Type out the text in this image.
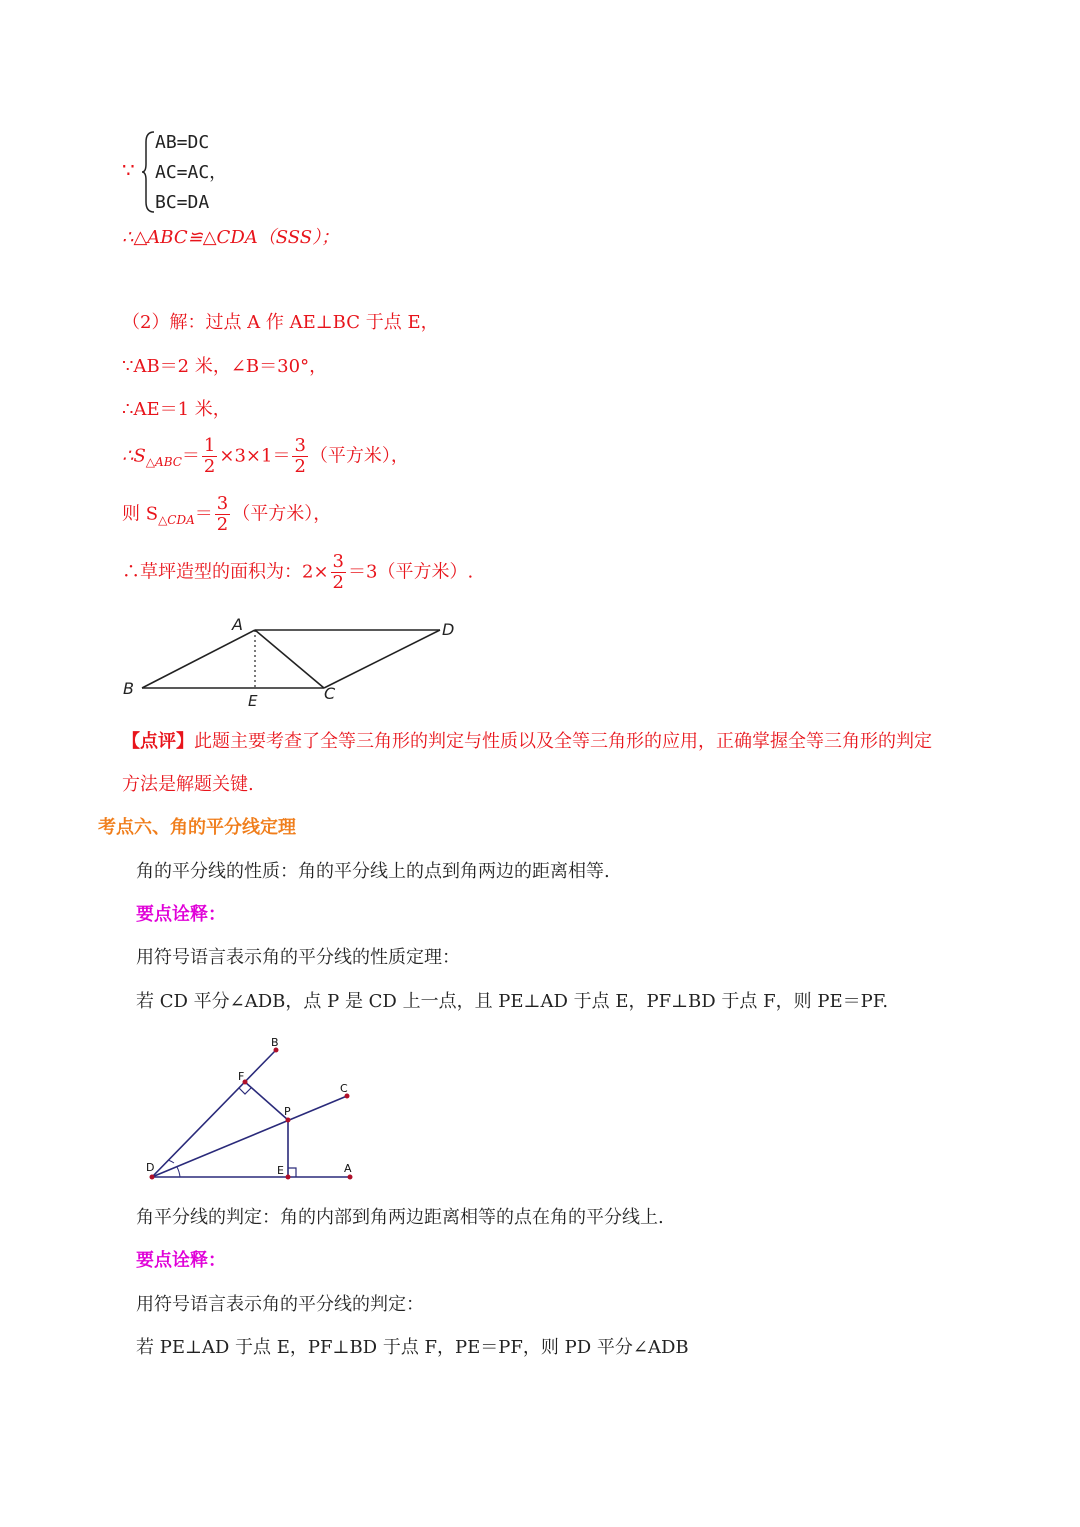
∵
AB=DC
AC=AC，
BC=DA
∴△ABC≌△CDA（SSS）；
（2）解：过点 A 作 AE⊥BC 于点 E，
∵AB＝2 米，∠B＝30°，
∴AE＝1 米，
$\therefore S_{\triangle ABC}= \frac{1}{2} \times 3\times 1= \frac{3}{2}$ （平方米），
则 $S_{\triangle CDA}= \frac{3}{2}$ （平方米），
∴草坪造型的面积为：$2\times \frac{3}{2} =3$（平方米）.
A	D
B	C
E
【点评】此题主要考查了全等三角形的判定与性质以及全等三角形的应用，正确掌握全等三角形的判定
方法是解题关键.
考点六、角的平分线定理
角的平分线的性质：角的平分线上的点到角两边的距离相等.
要点诠释：
用符号语言表示角的平分线的性质定理：
若 CD 平分∠ADB，点 P 是 CD 上一点，且 PE⊥AD 于点 E，PF⊥BD 于点 F，则 PE＝PF.
B
F
C
P
D	E	A
角平分线的判定：角的内部到角两边距离相等的点在角的平分线上.
要点诠释：
用符号语言表示角的平分线的判定：
若 PE⊥AD 于点 E，PF⊥BD 于点 F，PE＝PF，则 PD 平分∠ADB
